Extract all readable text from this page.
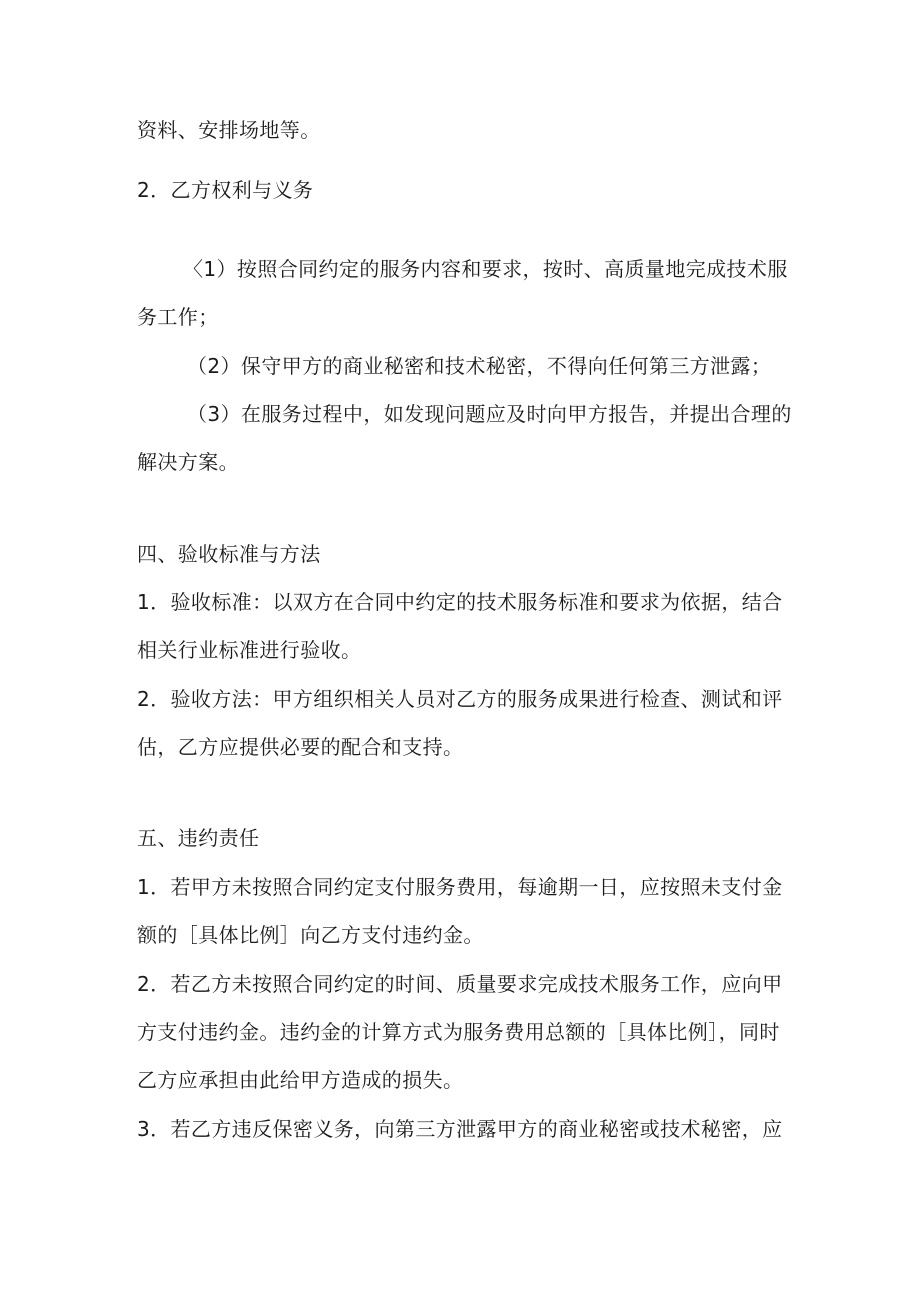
资料、安排场地等。
2．乙方权利与义务
〈1）按照合同约定的服务内容和要求，按时、高质量地完成技术服
务工作；
（2）保守甲方的商业秘密和技术秘密，不得向任何第三方泄露；
（3）在服务过程中，如发现问题应及时向甲方报告，并提出合理的
解决方案。
四、验收标准与方法
1．验收标准：以双方在合同中约定的技术服务标准和要求为依据，结合
相关行业标准进行验收。
2．验收方法：甲方组织相关人员对乙方的服务成果进行检查、测试和评
估，乙方应提供必要的配合和支持。
五、违约责任
1．若甲方未按照合同约定支付服务费用，每逾期一日，应按照未支付金
额的［具体比例］向乙方支付违约金。
2．若乙方未按照合同约定的时间、质量要求完成技术服务工作，应向甲
方支付违约金。违约金的计算方式为服务费用总额的［具体比例］，同时
乙方应承担由此给甲方造成的损失。
3．若乙方违反保密义务，向第三方泄露甲方的商业秘密或技术秘密，应
